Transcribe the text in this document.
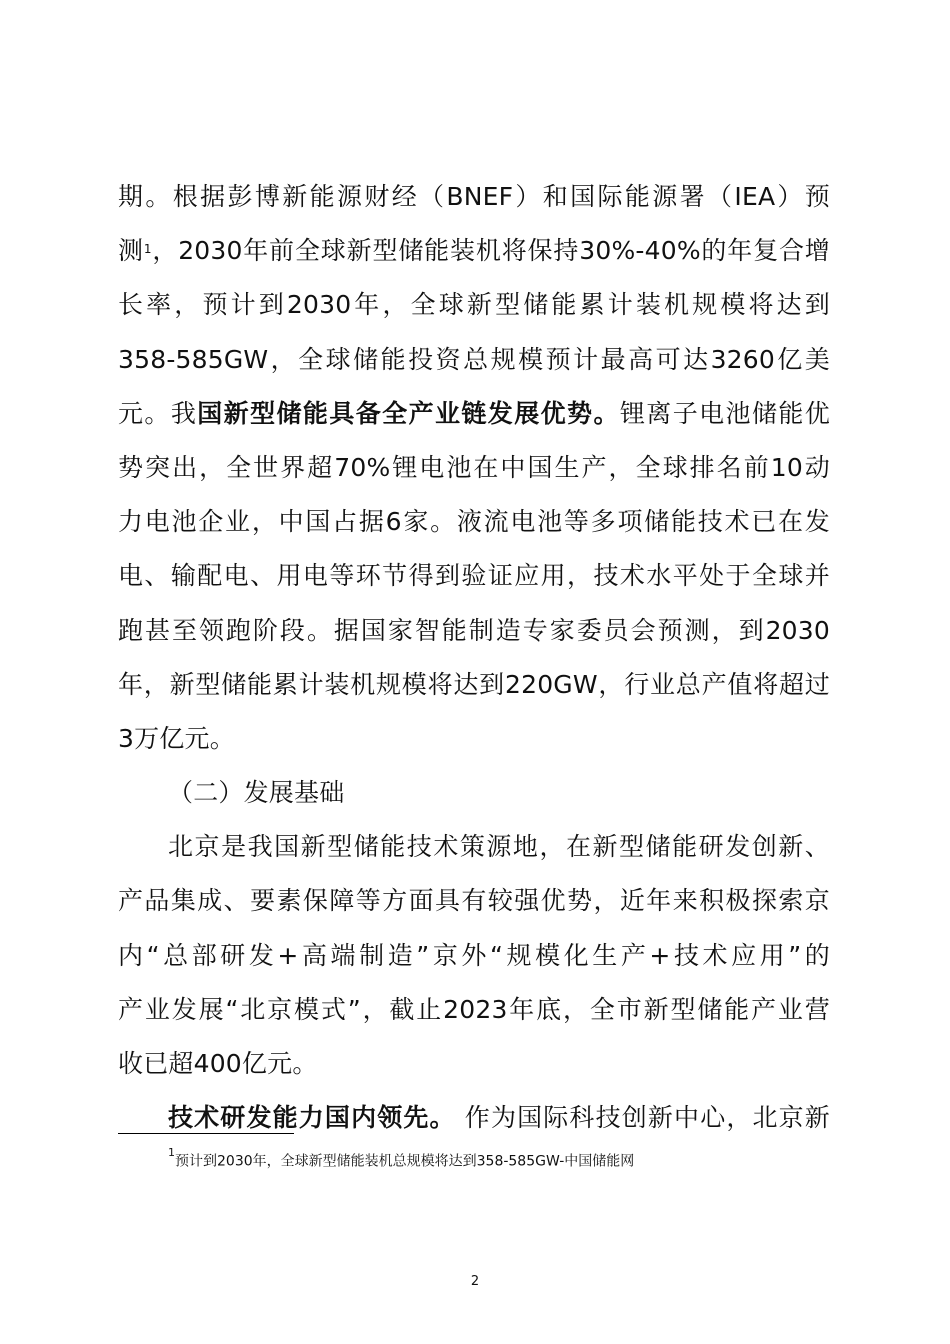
期。根据彭博新能源财经（BNEF）和国际能源署（IEA）预
测$^1$，2030年前全球新型储能装机将保持30%-40%的年复合增
长率，预计到2030年，全球新型储能累计装机规模将达到
358-585GW，全球储能投资总规模预计最高可达3260亿美
元。我国新型储能具备全产业链发展优势。锂离子电池储能优
势突出，全世界超70%锂电池在中国生产，全球排名前10动
力电池企业，中国占据6家。液流电池等多项储能技术已在发
电、输配电、用电等环节得到验证应用，技术水平处于全球并
跑甚至领跑阶段。据国家智能制造专家委员会预测，到2030
年，新型储能累计装机规模将达到220GW，行业总产值将超过
3万亿元。
（二）发展基础
北京是我国新型储能技术策源地，在新型储能研发创新、
产品集成、要素保障等方面具有较强优势，近年来积极探索京
内“总部研发+高端制造”京外“规模化生产+技术应用”的
产业发展“北京模式”，截止2023年底，全市新型储能产业营
收已超400亿元。
技术研发能力国内领先。 作为国际科技创新中心，北京新
$^1$预计到2030年，全球新型储能装机总规模将达到358-585GW-中国储能网
2
